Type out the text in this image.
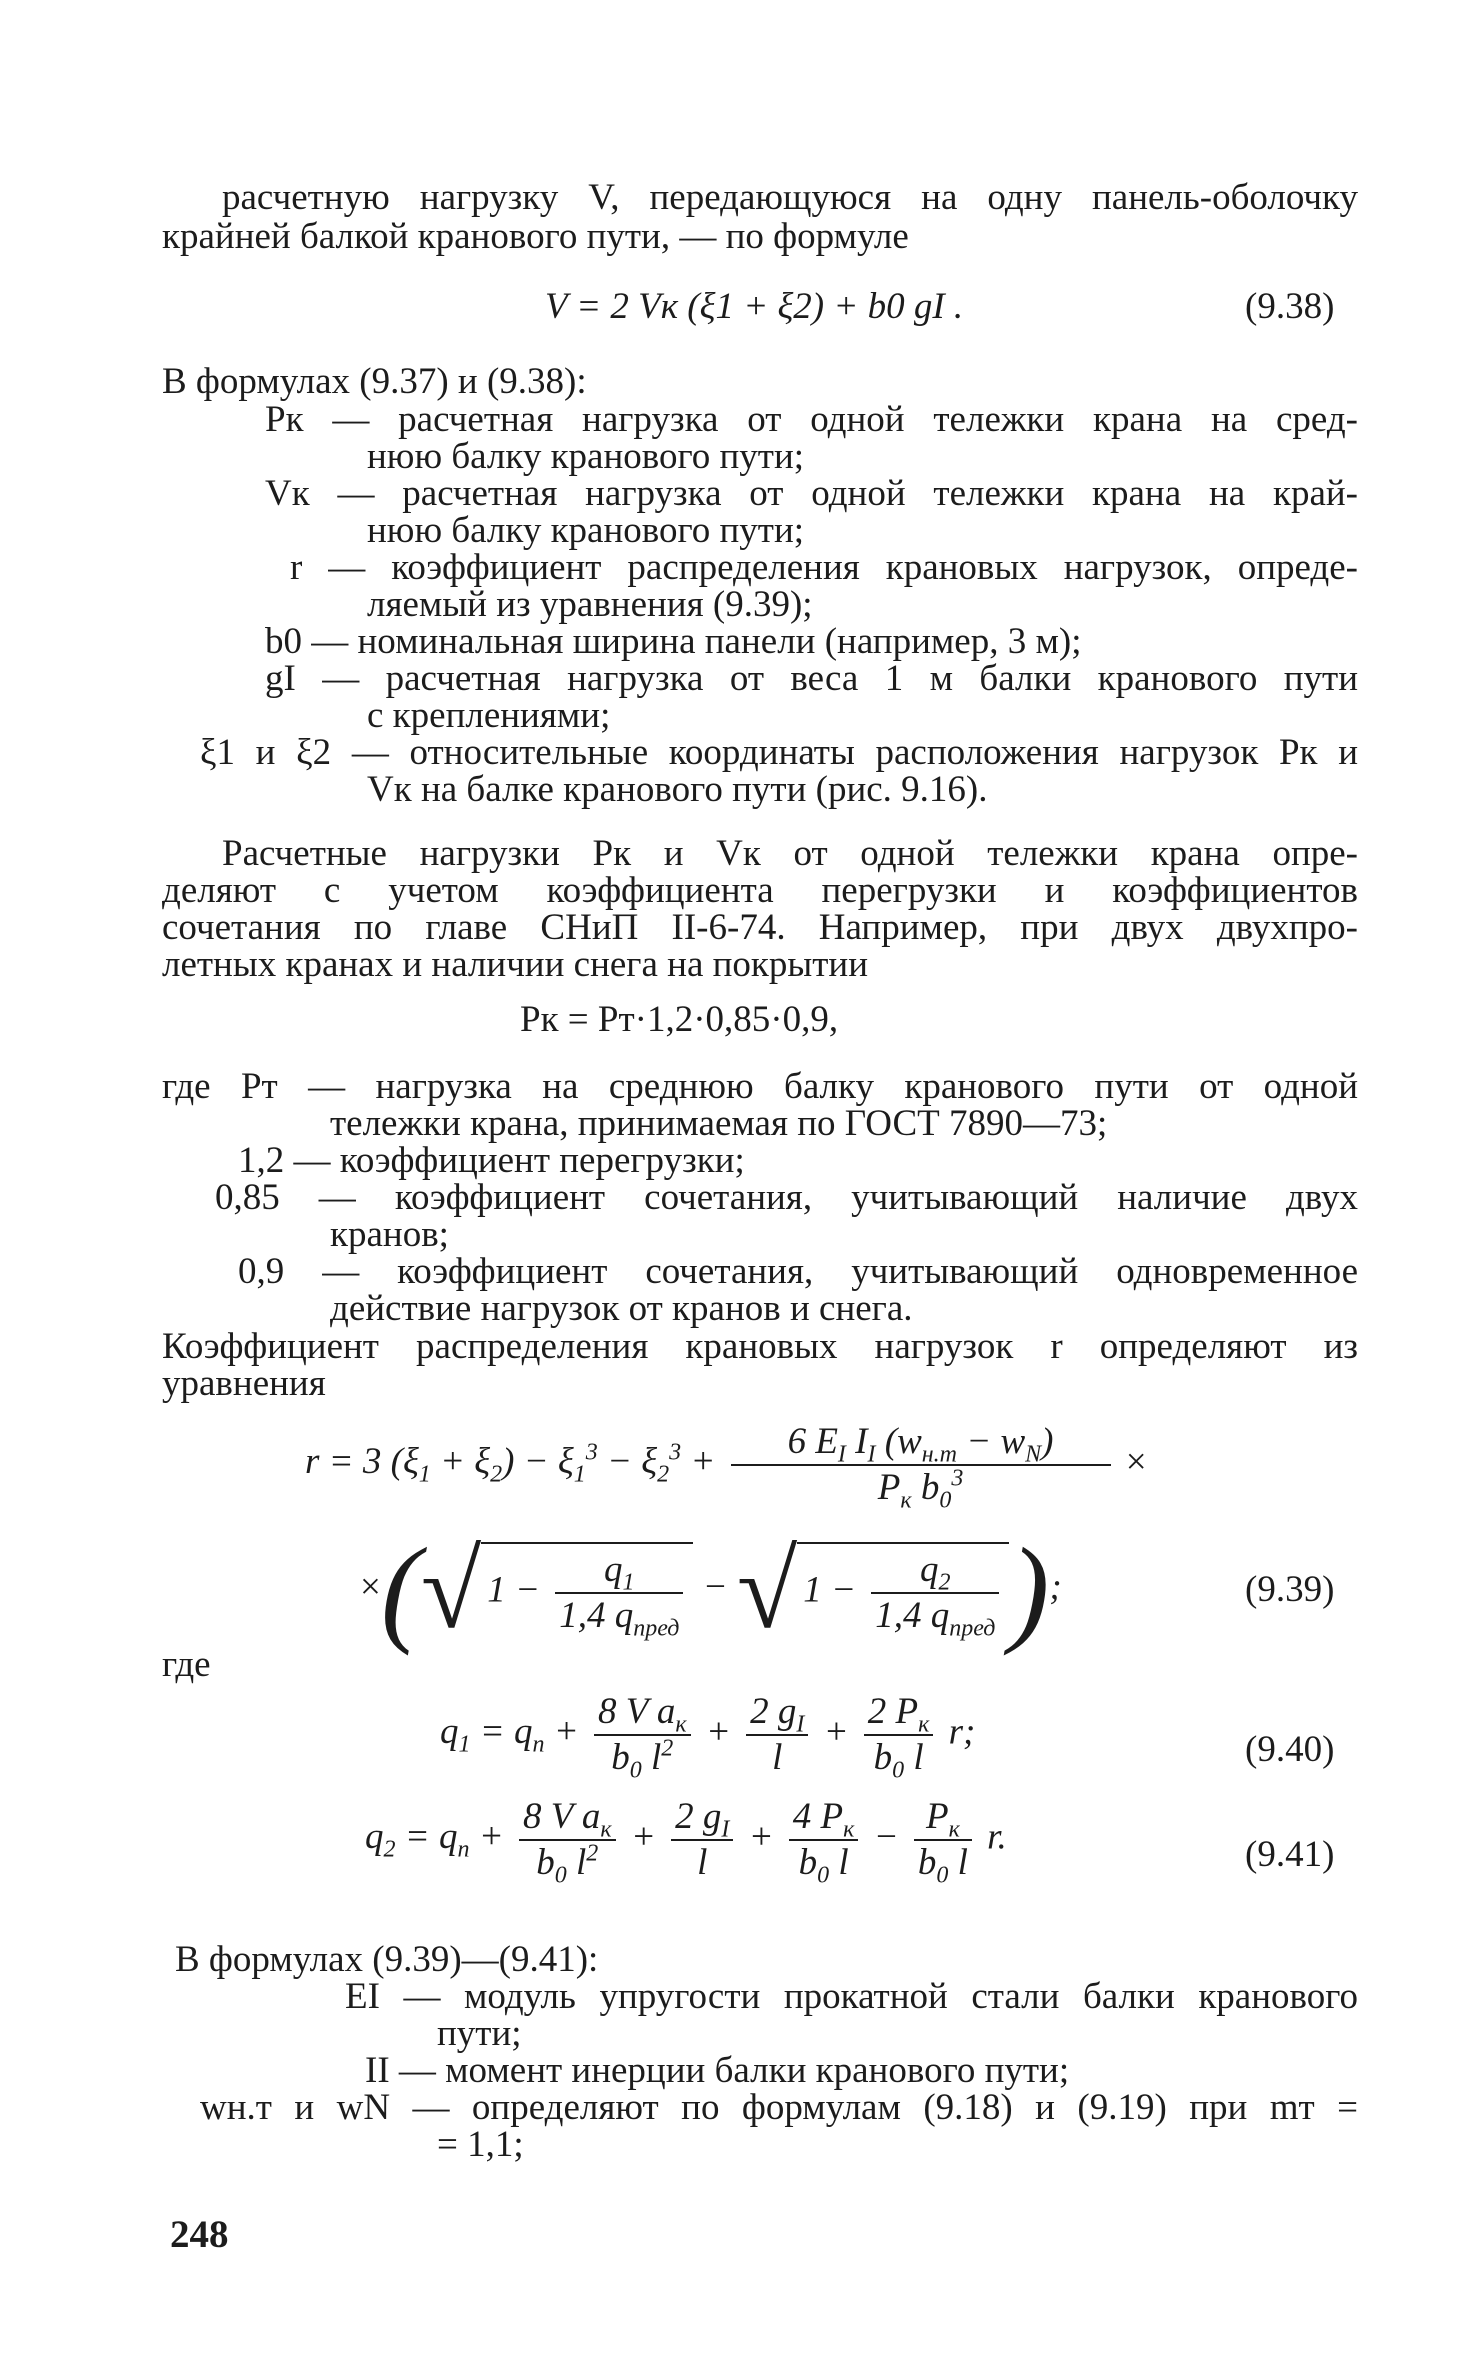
расчетную нагрузку V, передающуюся на одну панель-оболочку
крайней балкой кранового пути, — по формуле
V = 2 Vк (ξ1 + ξ2) + b0 gI .	(9.38)
В формулах (9.37) и (9.38):
Pк — расчетная нагрузка от одной тележки крана на сред-
нюю балку кранового пути;
Vк — расчетная нагрузка от одной тележки крана на край-
нюю балку кранового пути;
r — коэффициент распределения крановых нагрузок, опреде-
ляемый из уравнения (9.39);
b0 — номинальная ширина панели (например, 3 м);
gI — расчетная нагрузка от веса 1 м балки кранового пути
с креплениями;
ξ1 и ξ2 — относительные координаты расположения нагрузок Pк и
Vк на балке кранового пути (рис. 9.16).
Расчетные нагрузки Pк и Vк от одной тележки крана опре-
деляют с учетом коэффициента перегрузки и коэффициентов
сочетания по главе СНиП II-6-74. Например, при двух двухпро-
летных кранах и наличии снега на покрытии
Pк = Pт·1,2·0,85·0,9,
где Pт — нагрузка на среднюю балку кранового пути от одной
тележки крана, принимаемая по ГОСТ 7890—73;
1,2 — коэффициент перегрузки;
0,85 — коэффициент сочетания, учитывающий наличие двух
кранов;
0,9 — коэффициент сочетания, учитывающий одновременное
действие нагрузок от кранов и снега.
Коэффициент распределения крановых нагрузок r определяют из
уравнения
r = 3 $(\xi_1 + \xi_2) - \xi_1^3 - \xi_2^3 + \frac{6 E_I I_I (w_{н.т} - w_N)}{P_к b_0^3}$ ×
×(√ $1 - \frac{q_1}{1,4 q_{пред}}$ − √ $1 - \frac{q_2}{1,4 q_{пред}}$ );	(9.39)
где
$q_1 = q_п + \frac{8 V a_к}{b_0 l^2} + \frac{2 g_I}{l} + \frac{2 P_к}{b_0 l} r$;	(9.40)
$q_2 = q_п + \frac{8 V a_к}{b_0 l^2} + \frac{2 g_I}{l} + \frac{4 P_к}{b_0 l} - \frac{P_к}{b_0 l} r$.	(9.41)
В формулах (9.39)—(9.41):
EI — модуль упругости прокатной стали балки кранового
пути;
II — момент инерции балки кранового пути;
wн.т и wN — определяют по формулам (9.18) и (9.19) при mт =
= 1,1;
248
